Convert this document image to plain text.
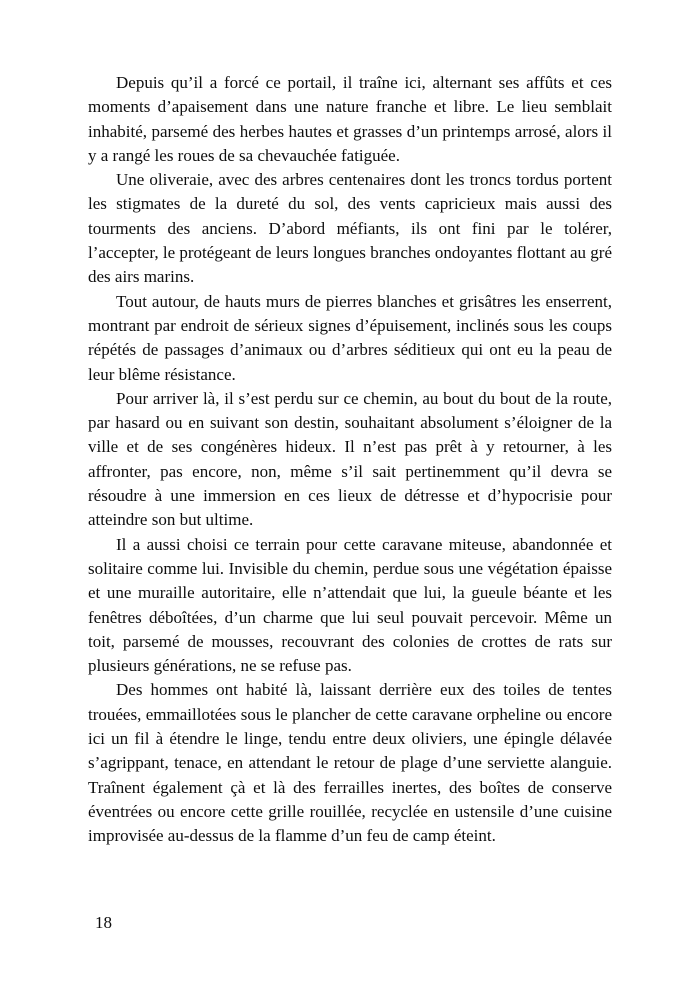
Depuis qu’il a forcé ce portail, il traîne ici, alternant ses affûts et ces moments d’apaisement dans une nature franche et libre. Le lieu semblait inhabité, parsemé des herbes hautes et grasses d’un printemps arrosé, alors il y a rangé les roues de sa chevauchée fatiguée.

Une oliveraie, avec des arbres centenaires dont les troncs tordus portent les stigmates de la dureté du sol, des vents capricieux mais aussi des tourments des anciens. D’abord méfiants, ils ont fini par le tolérer, l’accepter, le protégeant de leurs longues branches ondoyantes flottant au gré des airs marins.

Tout autour, de hauts murs de pierres blanches et grisâtres les enserrent, montrant par endroit de sérieux signes d’épuisement, inclinés sous les coups répétés de passages d’animaux ou d’arbres séditieux qui ont eu la peau de leur blême résistance.

Pour arriver là, il s’est perdu sur ce chemin, au bout du bout de la route, par hasard ou en suivant son destin, souhaitant absolument s’éloigner de la ville et de ses congénères hideux. Il n’est pas prêt à y retourner, à les affronter, pas encore, non, même s’il sait pertinemment qu’il devra se résoudre à une immersion en ces lieux de détresse et d’hypocrisie pour atteindre son but ultime.

Il a aussi choisi ce terrain pour cette caravane miteuse, abandonnée et solitaire comme lui. Invisible du chemin, perdue sous une végétation épaisse et une muraille autoritaire, elle n’attendait que lui, la gueule béante et les fenêtres déboîtées, d’un charme que lui seul pouvait percevoir. Même un toit, parsemé de mousses, recouvrant des colonies de crottes de rats sur plusieurs générations, ne se refuse pas.

Des hommes ont habité là, laissant derrière eux des toiles de tentes trouées, emmaillotées sous le plancher de cette caravane orpheline ou encore ici un fil à étendre le linge, tendu entre deux oliviers, une épingle délavée s’agrippant, tenace, en attendant le retour de plage d’une serviette alanguie. Traînent également çà et là des ferrailles inertes, des boîtes de conserve éventrées ou encore cette grille rouillée, recyclée en ustensile d’une cuisine improvisée au-dessus de la flamme d’un feu de camp éteint.

18
